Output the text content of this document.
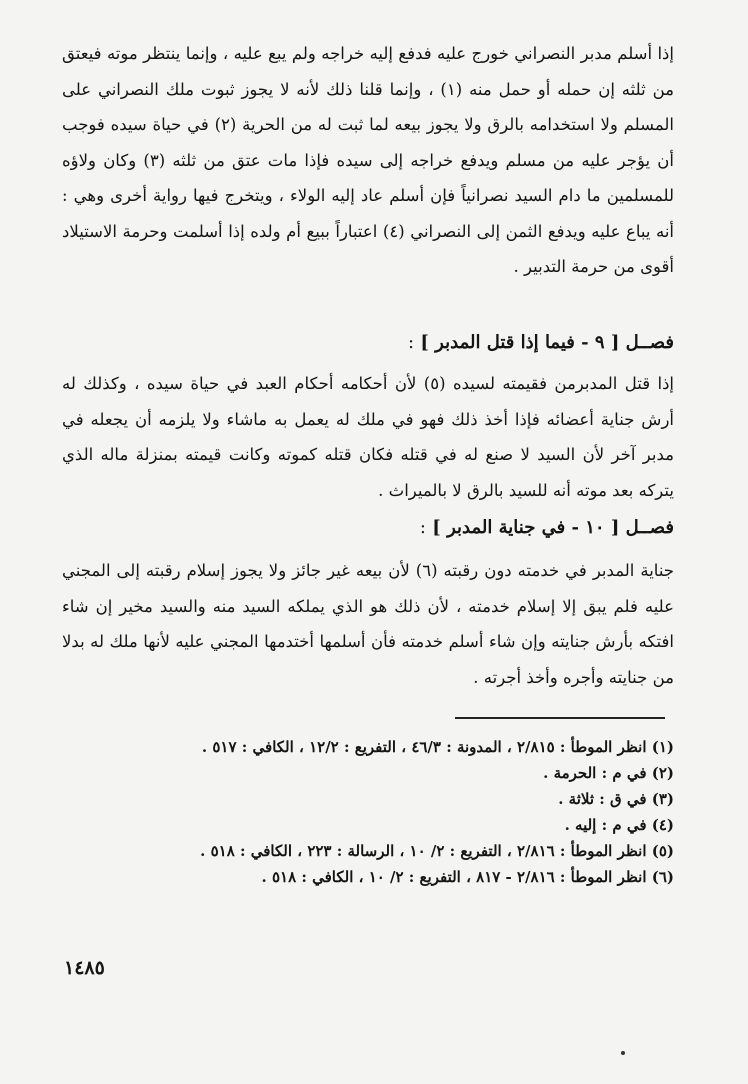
إذا أسلم مدبر النصراني خورج عليه فدفع إليه خراجه ولم يبع عليه ، وإنما ينتظر موته فيعتق من ثلثه إن حمله أو حمل منه (١) ، وإنما قلنا ذلك لأنه لا يجوز ثبوت ملك النصراني على المسلم ولا استخدامه بالرق ولا يجوز بيعه لما ثبت له من الحرية (٢) في حياة سيده فوجب أن يؤجر عليه من مسلم ويدفع خراجه إلى سيده فإذا مات عتق من ثلثه (٣) وكان ولاؤه للمسلمين ما دام السيد نصرانياً فإن أسلم عاد إليه الولاء ، ويتخرج فيها رواية أخرى وهي : أنه يباع عليه ويدفع الثمن إلى النصراني (٤) اعتباراً ببيع أم ولده إذا أسلمت وحرمة الاستيلاد أقوى من حرمة التدبير .
فصــل [ ٩ - فيما إذا قتل المدبر ] :
إذا قتل المدبرمن فقيمته لسيده (٥) لأن أحكامه أحكام العبد في حياة سيده ، وكذلك له أرش جناية أعضائه فإذا أخذ ذلك فهو في ملك له يعمل به ماشاء ولا يلزمه أن يجعله في مدبر آخر لأن السيد لا صنع له في قتله فكان قتله كموته وكانت قيمته بمنزلة ماله الذي يتركه بعد موته أنه للسيد بالرق لا بالميراث .
فصــل [ ١٠ - في جناية المدبر ] :
جناية المدبر في خدمته دون رقبته (٦) لأن بيعه غير جائز ولا يجوز إسلام رقبته إلى المجني عليه فلم يبق إلا إسلام خدمته ، لأن ذلك هو الذي يملكه السيد منه والسيد مخير إن شاء افتكه بأرش جنايته وإن شاء أسلم خدمته فأن أسلمها أختدمها المجني عليه لأنها ملك له بدلا من جنايته وأجره وأخذ أجرته .
(١) انظر الموطأ : ٢/٨١٥ ، المدونة : ٤٦/٣ ، التفريع : ١٢/٢ ، الكافي : ٥١٧ .
(٢) في م : الحرمة .
(٣) في ق : ثلاثة .
(٤) في م : إليه .
(٥) انظر الموطأ : ٢/٨١٦ ، التفريع : ٢/ ١٠ ، الرسالة : ٢٢٣ ، الكافي : ٥١٨ .
(٦) انظر الموطأ : ٢/٨١٦ - ٨١٧ ، التفريع : ٢/ ١٠ ، الكافي : ٥١٨ .
١٤٨٥
